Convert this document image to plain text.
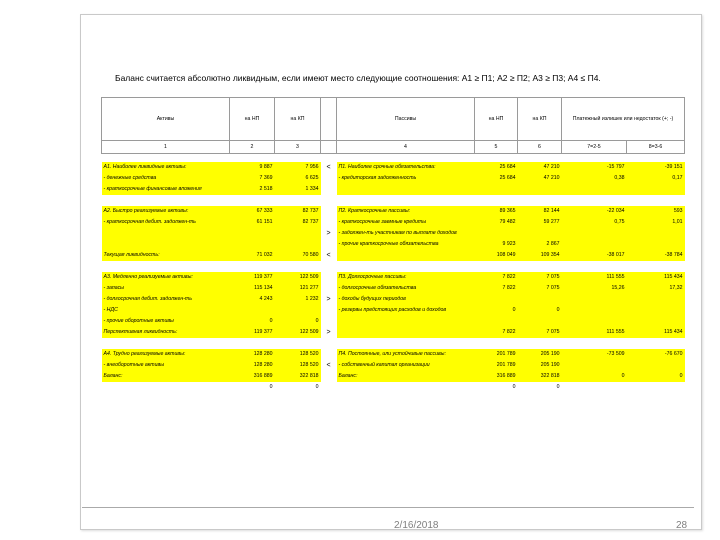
Баланс считается абсолютно ликвидным, если имеют место следующие соотношения: А1 ≥ П1; А2 ≥ П2; А3 ≥ П3; А4 ≤ П4.
Активы	на НП	на КП		Пассивы	на НП	на КП	Платежный излишек или недостаток (+; -)	
1	2	3		4	5	6	7=2-5	8=3-6

А1. Наиболее ликвидные активы:	9 887	7 956	<	П1. Наиболее срочные обязательства:	25 684	47 210	-15 797	-39 151
- денежные средства	7 369	6 625		- кредиторская задолженность	25 684	47 210	0,38	0,17
- краткосрочные финансовые вложения	2 518	1 334						

А2. Быстро реализуемые активы:	67 333	82 737		П2. Краткосрочные пассивы:	89 365	82 144	-22 034	593
- краткосрочная дебит. задолжен-ть	61 151	82 737		- краткосрочные заемные кредиты	79 482	59 277	0,75	1,01
			>	- задолжен-ть участникам по выплате доходов				
				- прочие краткосрочные обязательства	9 923	2 867		
Текущая ликвидность:	71 032	70 580	<		108 049	109 354	-38 017	-38 784

А3. Медленно реализуемые активы:	119 377	122 509		П3. Долгосрочные пассивы:	7 822	7 075	111 555	115 434
- запасы	115 134	121 277		- долгосрочные обязательства	7 822	7 075	15,26	17,32
- долгосрочная дебит. задолжен-ть	4 243	1 232	>	- доходы будущих периодов				
- НДС				- резервы предстоящих расходов и доходов	0	0		
- прочие оборотные активы	0	0						
Перспективная ликвидность:	119 377	122 509	>		7 822	7 075	111 555	115 434

А4. Трудно реализуемые активы:	128 280	128 520		П4. Постоянные, или устойчивые пассивы:	201 789	205 190	-73 509	-76 670
- внеоборотные активы	128 280	128 520	<	- собственный капитал организации	201 789	205 190		
Баланс:	316 889	322 818		Баланс:	316 889	322 818	0	0
	0	0			0	0		
2/16/2018	28
